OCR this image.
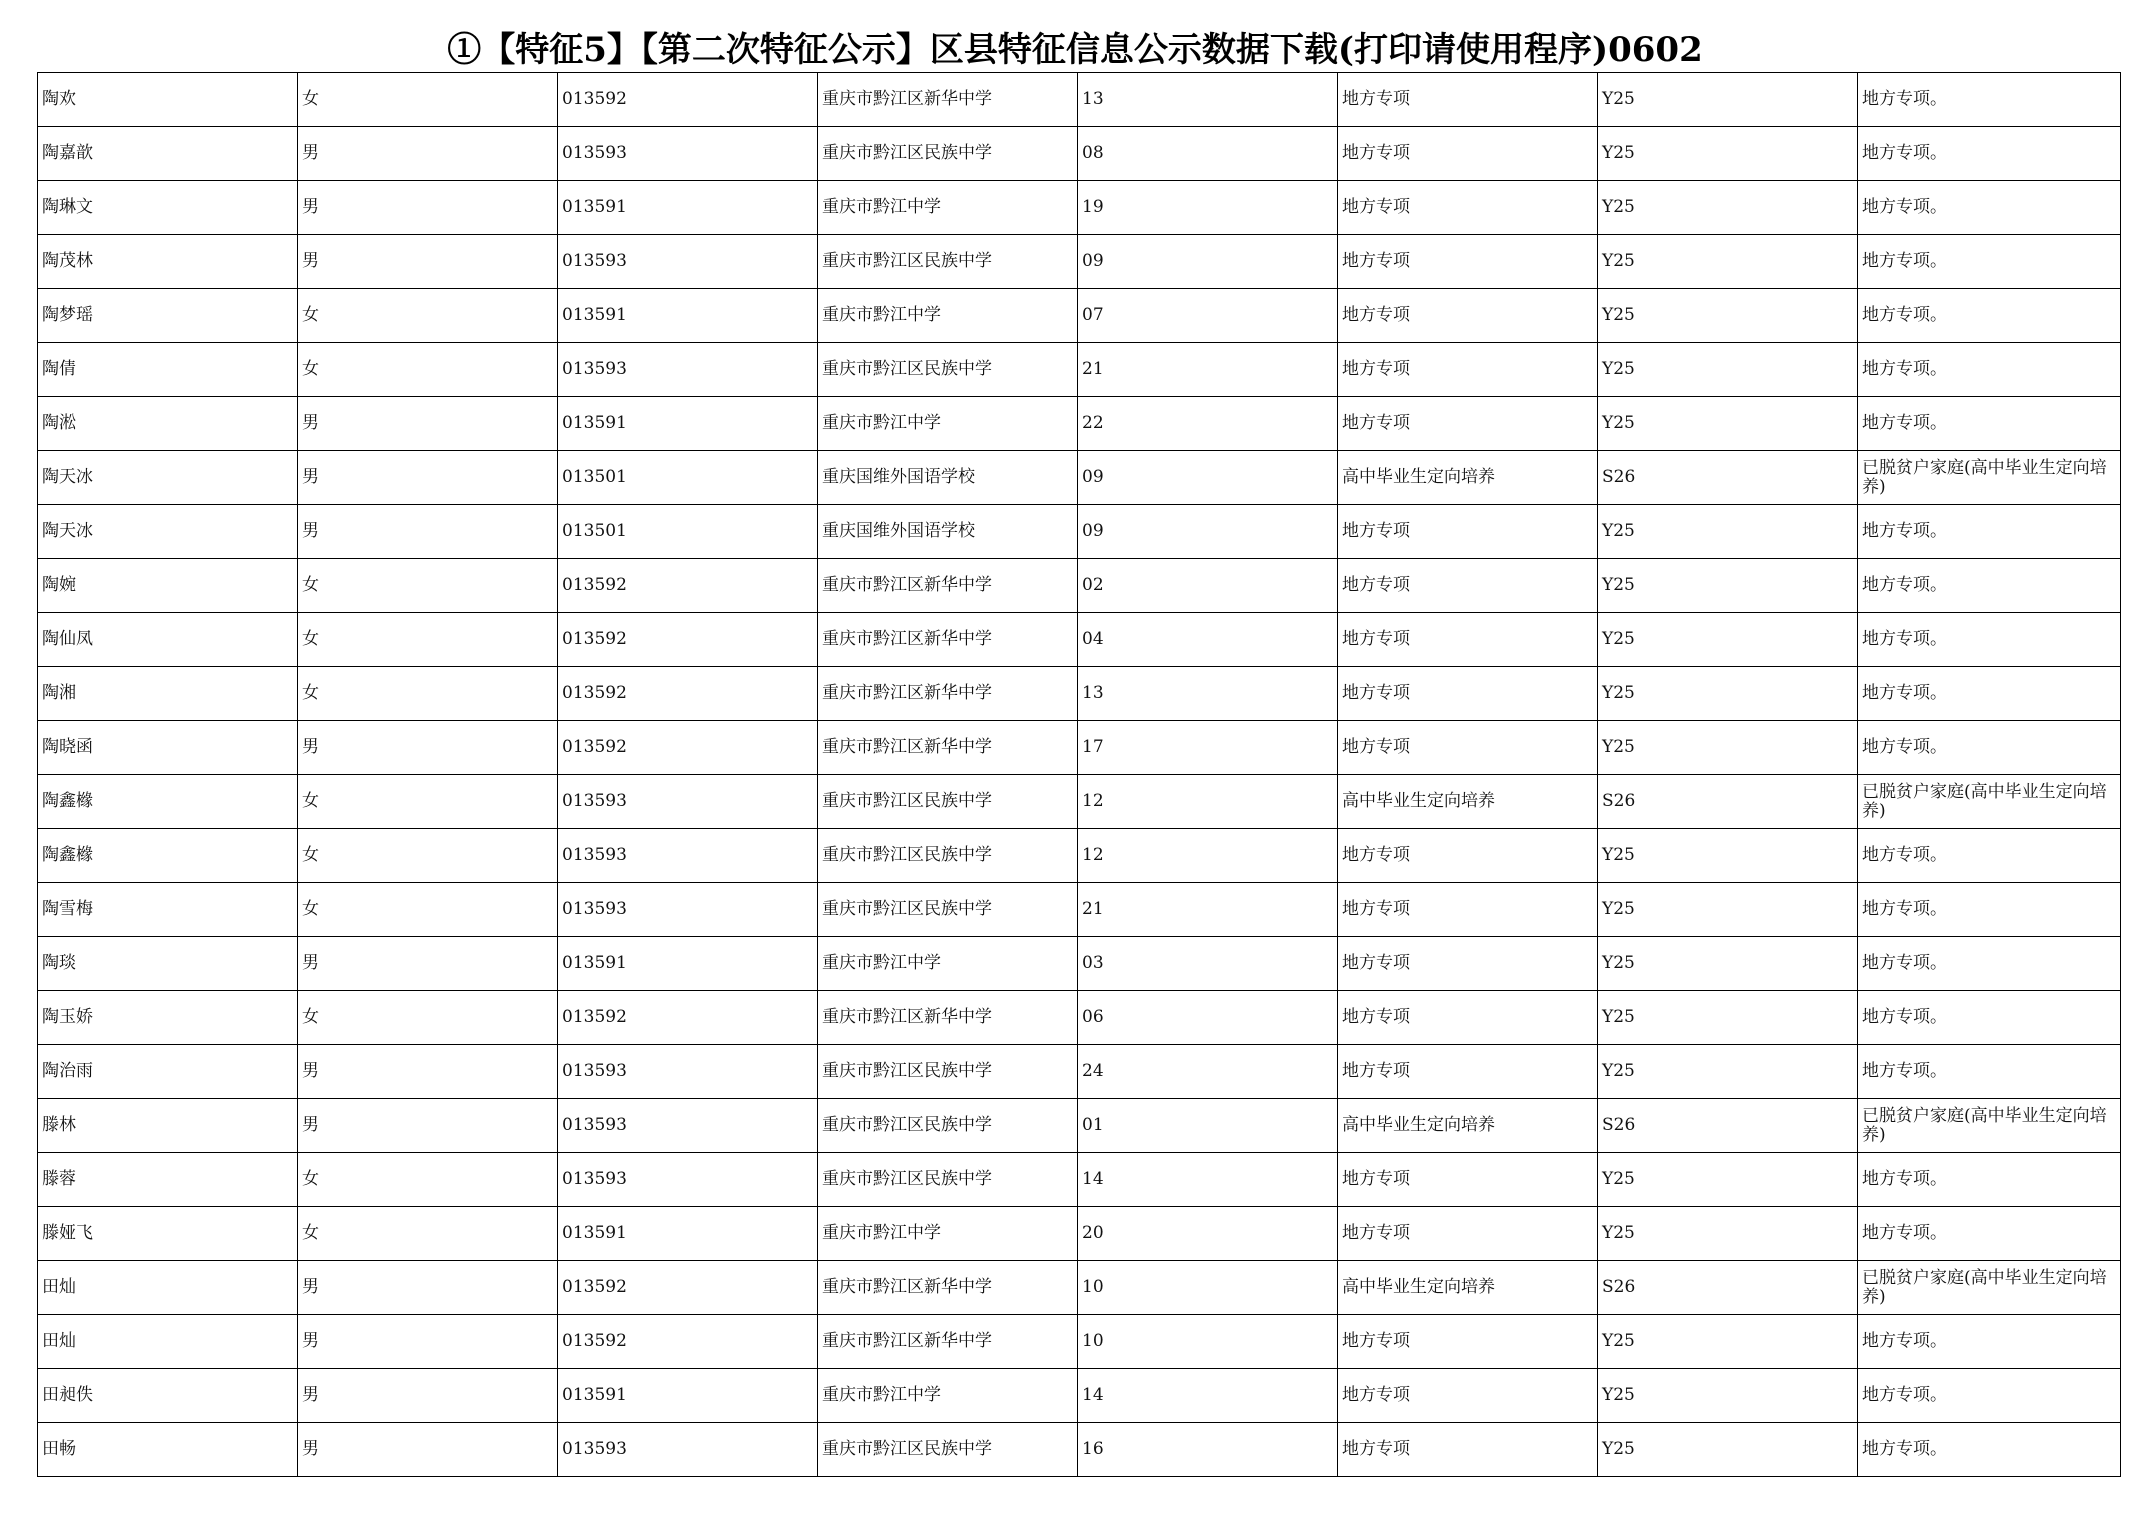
①【特征5】【第二次特征公示】区县特征信息公示数据下载(打印请使用程序)0602
陶欢	女	013592	重庆市黔江区新华中学	13	地方专项	Y25	地方专项。
陶嘉歆	男	013593	重庆市黔江区民族中学	08	地方专项	Y25	地方专项。
陶琳文	男	013591	重庆市黔江中学	19	地方专项	Y25	地方专项。
陶茂林	男	013593	重庆市黔江区民族中学	09	地方专项	Y25	地方专项。
陶梦瑶	女	013591	重庆市黔江中学	07	地方专项	Y25	地方专项。
陶倩	女	013593	重庆市黔江区民族中学	21	地方专项	Y25	地方专项。
陶淞	男	013591	重庆市黔江中学	22	地方专项	Y25	地方专项。
陶天冰	男	013501	重庆国维外国语学校	09	高中毕业生定向培养	S26	已脱贫户家庭(高中毕业生定向培养)
陶天冰	男	013501	重庆国维外国语学校	09	地方专项	Y25	地方专项。
陶婉	女	013592	重庆市黔江区新华中学	02	地方专项	Y25	地方专项。
陶仙凤	女	013592	重庆市黔江区新华中学	04	地方专项	Y25	地方专项。
陶湘	女	013592	重庆市黔江区新华中学	13	地方专项	Y25	地方专项。
陶晓函	男	013592	重庆市黔江区新华中学	17	地方专项	Y25	地方专项。
陶鑫橼	女	013593	重庆市黔江区民族中学	12	高中毕业生定向培养	S26	已脱贫户家庭(高中毕业生定向培养)
陶鑫橼	女	013593	重庆市黔江区民族中学	12	地方专项	Y25	地方专项。
陶雪梅	女	013593	重庆市黔江区民族中学	21	地方专项	Y25	地方专项。
陶琰	男	013591	重庆市黔江中学	03	地方专项	Y25	地方专项。
陶玉娇	女	013592	重庆市黔江区新华中学	06	地方专项	Y25	地方专项。
陶治雨	男	013593	重庆市黔江区民族中学	24	地方专项	Y25	地方专项。
滕林	男	013593	重庆市黔江区民族中学	01	高中毕业生定向培养	S26	已脱贫户家庭(高中毕业生定向培养)
滕蓉	女	013593	重庆市黔江区民族中学	14	地方专项	Y25	地方专项。
滕娅飞	女	013591	重庆市黔江中学	20	地方专项	Y25	地方专项。
田灿	男	013592	重庆市黔江区新华中学	10	高中毕业生定向培养	S26	已脱贫户家庭(高中毕业生定向培养)
田灿	男	013592	重庆市黔江区新华中学	10	地方专项	Y25	地方专项。
田昶佚	男	013591	重庆市黔江中学	14	地方专项	Y25	地方专项。
田畅	男	013593	重庆市黔江区民族中学	16	地方专项	Y25	地方专项。
